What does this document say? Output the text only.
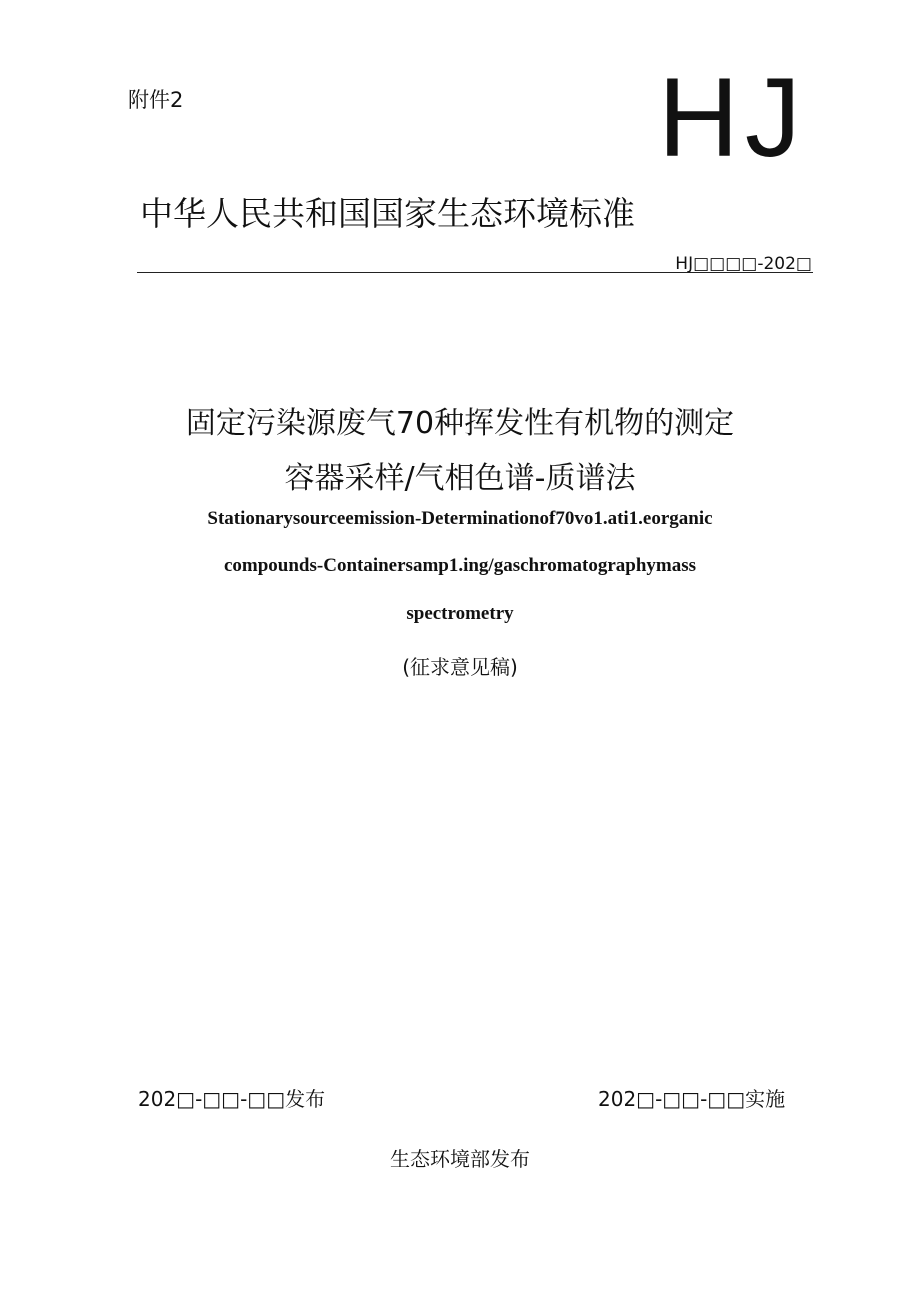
附件2	HJ
中华人民共和国国家生态环境标准
HJ□□□□-202□
固定污染源废气70种挥发性有机物的测定
容器采样/气相色谱-质谱法
Stationarysourceemission-Determinationof70vo1.ati1.eorganic
compounds-Containersamp1.ing/gaschromatographymass
spectrometry
(征求意见稿)
202□-□□-□□发布	202□-□□-□□实施
生态环境部发布
